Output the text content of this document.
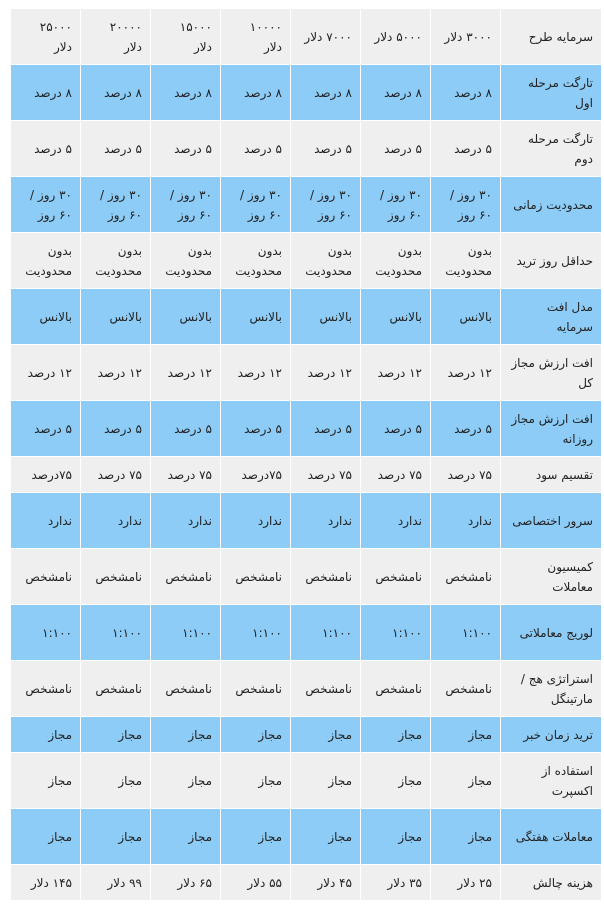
سرمایه طرح	۳۰۰۰ دلار	۵۰۰۰ دلار	۷۰۰۰ دلار	۱۰۰۰۰ دلار	۱۵۰۰۰ دلار	۲۰۰۰۰ دلار	۲۵۰۰۰ دلار
تارگت مرحله اول	۸ درصد	۸ درصد	۸ درصد	۸ درصد	۸ درصد	۸ درصد	۸ درصد
تارگت مرحله دوم	۵ درصد	۵ درصد	۵ درصد	۵ درصد	۵ درصد	۵ درصد	۵ درصد
محدودیت زمانی	۳۰ روز / ۶۰ روز	۳۰ روز / ۶۰ روز	۳۰ روز / ۶۰ روز	۳۰ روز / ۶۰ روز	۳۰ روز / ۶۰ روز	۳۰ روز / ۶۰ روز	۳۰ روز / ۶۰ روز
حداقل روز ترید	بدون محدودیت	بدون محدودیت	بدون محدودیت	بدون محدودیت	بدون محدودیت	بدون محدودیت	بدون محدودیت
مدل افت سرمایه	بالانس	بالانس	بالانس	بالانس	بالانس	بالانس	بالانس
افت ارزش مجاز کل	۱۲ درصد	۱۲ درصد	۱۲ درصد	۱۲ درصد	۱۲ درصد	۱۲ درصد	۱۲ درصد
افت ارزش مجاز روزانه	۵ درصد	۵ درصد	۵ درصد	۵ درصد	۵ درصد	۵ درصد	۵ درصد
تقسیم سود	۷۵ درصد	۷۵ درصد	۷۵ درصد	۷۵درصد	۷۵ درصد	۷۵ درصد	۷۵درصد
سرور اختصاصی	ندارد	ندارد	ندارد	ندارد	ندارد	ندارد	ندارد
کمیسیون معاملات	نامشخص	نامشخص	نامشخص	نامشخص	نامشخص	نامشخص	نامشخص
لوریج معاملاتی	۱:۱۰۰	۱:۱۰۰	۱:۱۰۰	۱:۱۰۰	۱:۱۰۰	۱:۱۰۰	۱:۱۰۰
استراتژی هج / مارتینگل	نامشخص	نامشخص	نامشخص	نامشخص	نامشخص	نامشخص	نامشخص
ترید زمان خبر	مجاز	مجاز	مجاز	مجاز	مجاز	مجاز	مجاز
استفاده از اکسپرت	مجاز	مجاز	مجاز	مجاز	مجاز	مجاز	مجاز
معاملات هفتگی	مجاز	مجاز	مجاز	مجاز	مجاز	مجاز	مجاز
هزینه چالش	۲۵ دلار	۳۵ دلار	۴۵ دلار	۵۵ دلار	۶۵ دلار	۹۹ دلار	۱۴۵ دلار
